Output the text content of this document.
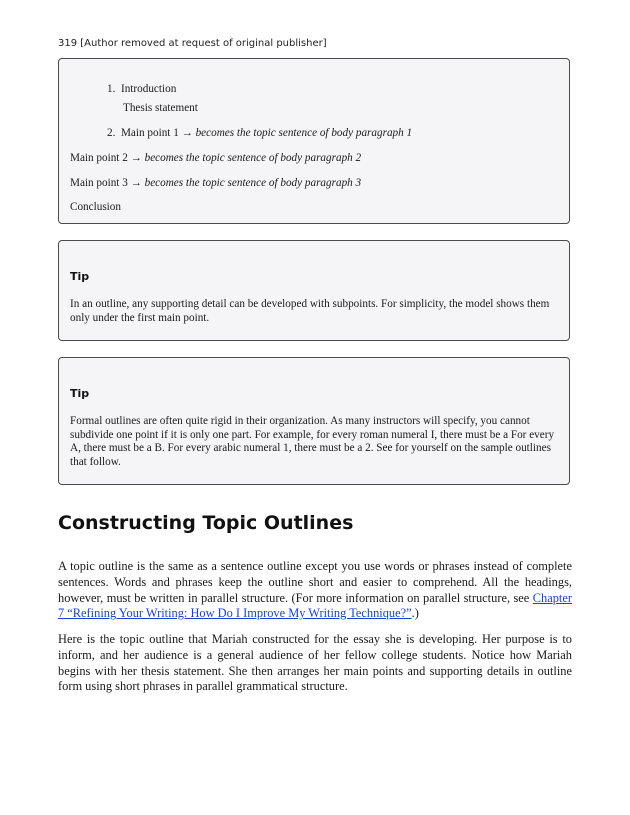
319 [Author removed at request of original publisher]
1. Introduction
Thesis statement
2. Main point 1 → becomes the topic sentence of body paragraph 1
Main point 2 → becomes the topic sentence of body paragraph 2
Main point 3 → becomes the topic sentence of body paragraph 3
Conclusion
Tip
In an outline, any supporting detail can be developed with subpoints. For simplicity, the model shows them only under the first main point.
Tip
Formal outlines are often quite rigid in their organization. As many instructors will specify, you cannot subdivide one point if it is only one part. For example, for every roman numeral I, there must be a For every A, there must be a B. For every arabic numeral 1, there must be a 2. See for yourself on the sample outlines that follow.
Constructing Topic Outlines

A topic outline is the same as a sentence outline except you use words or phrases instead of complete sentences. Words and phrases keep the outline short and easier to comprehend. All the headings, however, must be written in parallel structure. (For more information on parallel structure, see Chapter 7 “Refining Your Writing: How Do I Improve My Writing Technique?”.)

Here is the topic outline that Mariah constructed for the essay she is developing. Her purpose is to inform, and her audience is a general audience of her fellow college students. Notice how Mariah begins with her thesis statement. She then arranges her main points and supporting details in outline form using short phrases in parallel grammatical structure.
